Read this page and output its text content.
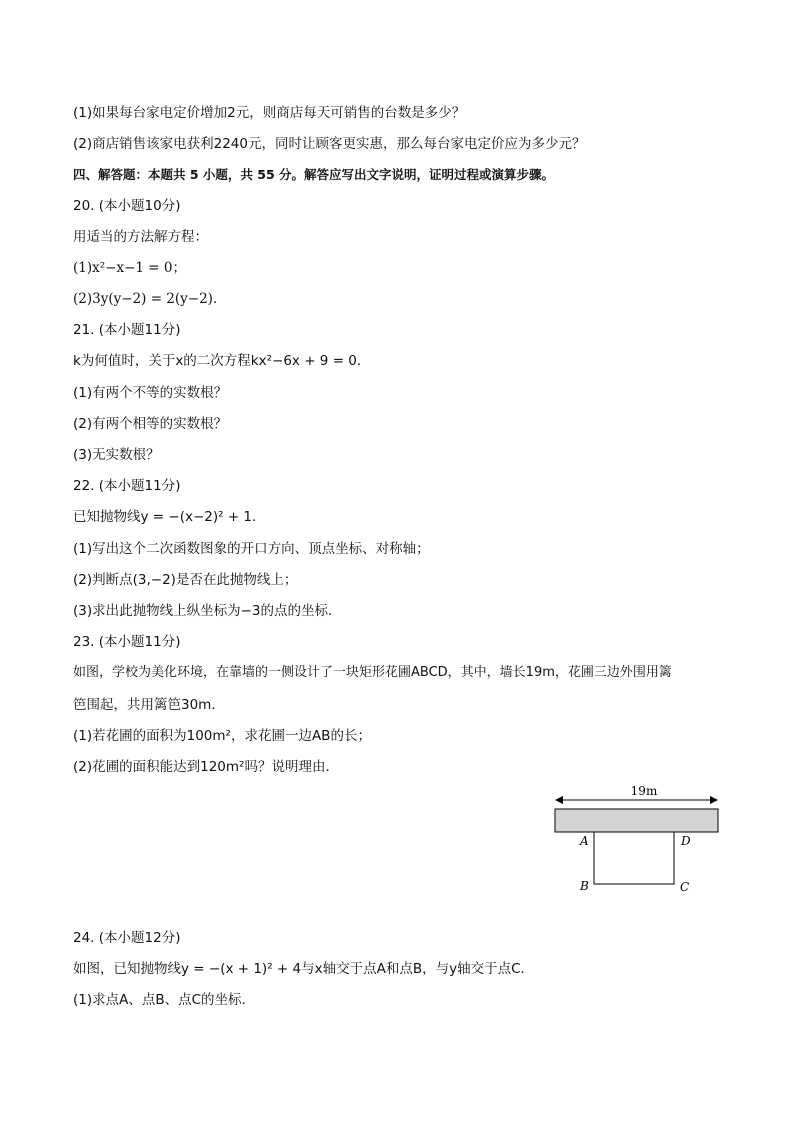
(1)如果每台家电定价增加2元，则商店每天可销售的台数是多少？
(2)商店销售该家电获利2240元，同时让顾客更实惠，那么每台家电定价应为多少元？
四、解答题：本题共 5 小题，共 55 分。解答应写出文字说明，证明过程或演算步骤。
20. (本小题10分)
用适当的方法解方程：
(1)x²−x−1 = 0；
(2)3y(y−2) = 2(y−2)．
21. (本小题11分)
k为何值时，关于x的二次方程kx²−6x + 9 = 0．
(1)有两个不等的实数根？
(2)有两个相等的实数根？
(3)无实数根？
22. (本小题11分)
已知抛物线y = −(x−2)² + 1．
(1)写出这个二次函数图象的开口方向、顶点坐标、对称轴；
(2)判断点(3,−2)是否在此抛物线上；
(3)求出此抛物线上纵坐标为−3的点的坐标．
23. (本小题11分)
如图，学校为美化环境，在靠墙的一侧设计了一块矩形花圃ABCD，其中，墙长19m，花圃三边外围用篱
笆围起，共用篱笆30m．
(1)若花圃的面积为100m²，求花圃一边AB的长；
(2)花圃的面积能达到120m²吗？说明理由．
19m
A	D
B	C
24. (本小题12分)
如图，已知抛物线y = −(x + 1)² + 4与x轴交于点A和点B，与y轴交于点C．
(1)求点A、点B、点C的坐标．
